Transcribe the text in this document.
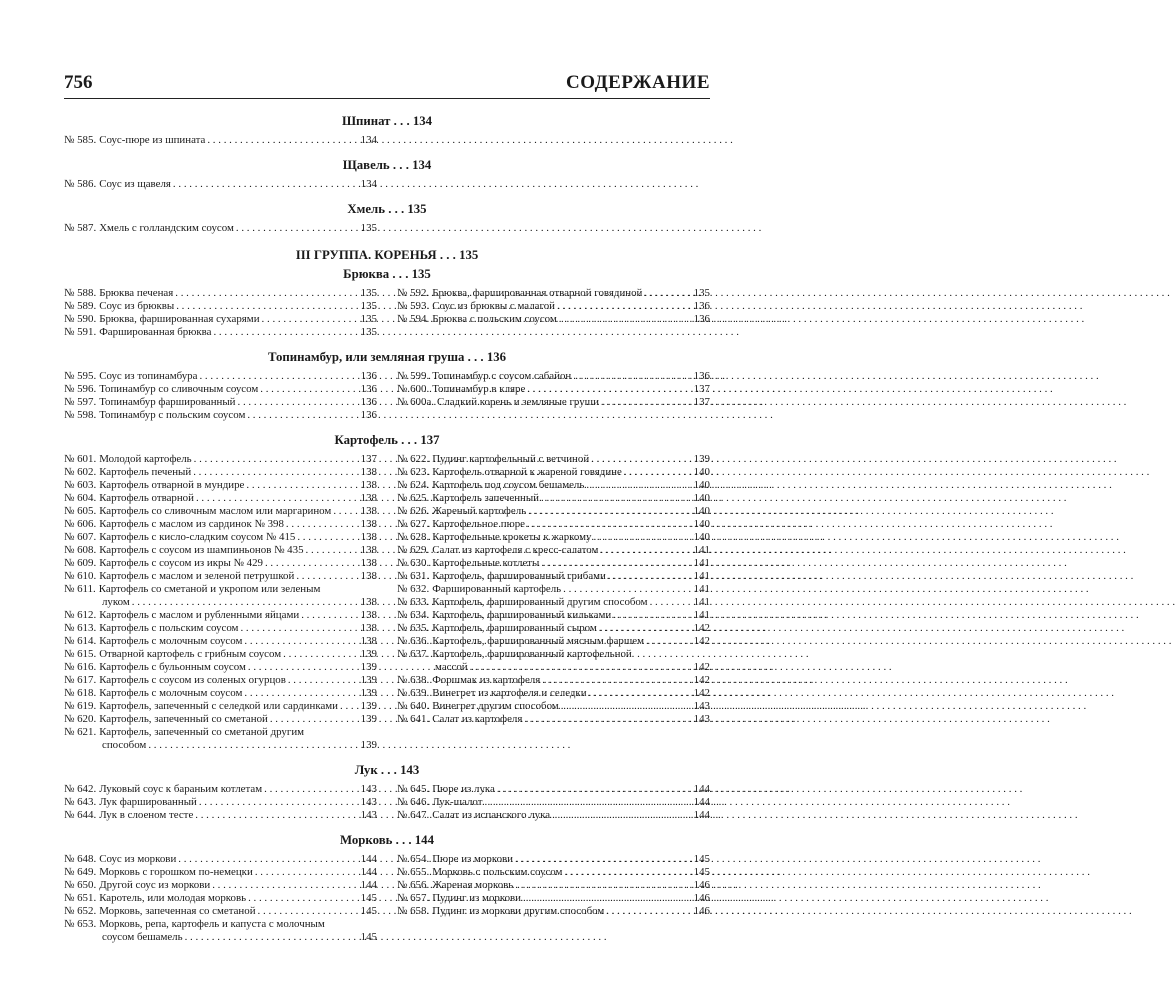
756	СОДЕРЖАНИЕ
Шпинат . . . 134
№ 585. Соус-пюре из шпината . . .	134
Щавель . . . 134
№ 586. Соус из щавеля . . .	134
Хмель . . . 135
№ 587. Хмель с голландским соусом . . .	135
III ГРУППА. КОРЕНЬЯ . . . 135
Брюква . . . 135
№ 588. Брюква печеная . . .	135
№ 589. Соус из брюквы . . .	135
№ 590. Брюква, фаршированная сухарями . . .	135
№ 591. Фаршированная брюква . . .	135
№ 592. Брюква, фаршированная отварной говядиной . . .	135
№ 593. Соус из брюквы с малагой . . .	136
№ 594. Брюква с польским соусом . . .	136
Топинамбур, или земляная груша . . . 136
№ 595. Соус из топинамбура . . .	136
№ 596. Топинамбур со сливочным соусом . . .	136
№ 597. Топинамбур фаршированный . . .	136
№ 598. Топинамбур с польским соусом . . .	136
№ 599. Топинамбур с соусом сабайон . . .	136
№ 600. Топинамбур в кляре . . .	137
№ 600а. Сладкий корень и земляные груши . . .	137
Картофель . . . 137
№ 601. Молодой картофель . . .	137
№ 602. Картофель печеный . . .	138
№ 603. Картофель отварной в мундире . . .	138
№ 604. Картофель отварной . . .	138
№ 605. Картофель со сливочным маслом или маргарином . . .	138
№ 606. Картофель с маслом из сардинок № 398 . . .	138
№ 607. Картофель с кисло-сладким соусом № 415 . . .	138
№ 608. Картофель с соусом из шампиньонов № 435 . . .	138
№ 609. Картофель с соусом из икры № 429 . . .	138
№ 610. Картофель с маслом и зеленой петрушкой . . .	138
№ 611. Картофель со сметаной и укропом или зеленым
луком . . .	138
№ 612. Картофель с маслом и рубленными яйцами . . .	138
№ 613. Картофель с польским соусом . . .	138
№ 614. Картофель с молочным соусом . . .	138
№ 615. Отварной картофель с грибным соусом . . .	139
№ 616. Картофель с бульонным соусом . . .	139
№ 617. Картофель с соусом из соленых огурцов . . .	139
№ 618. Картофель с молочным соусом . . .	139
№ 619. Картофель, запеченный с селедкой или сардинками . . . 139
№ 620. Картофель, запеченный со сметаной . . .	139
№ 621. Картофель, запеченный со сметаной другим
способом . . .	139
№ 622. Пудинг картофельный с ветчиной . . .	139
№ 623. Картофель отварной к жареной говядине . . .	140
№ 624. Картофель под соусом бешамель . . .	140
№ 625. Картофель запеченный . . .	140
№ 626. Жареный картофель . . .	140
№ 627. Картофельное пюре . . .	140
№ 628. Картофельные крокеты к жаркому . . .	140
№ 629. Салат из картофеля с кресс-салатом . . .	141
№ 630. Картофельные котлеты . . .	141
№ 631. Картофель, фаршированный грибами . . .	141
№ 632. Фаршированный картофель . . .	141
№ 633. Картофель, фаршированный другим способом . . .	141
№ 634. Картофель, фаршированный кильками . . .	141
№ 635. Картофель, фаршированный сыром . . .	142
№ 636. Картофель, фаршированный мясным фаршем . . .	142
№ 637. Картофель, фаршированный картофельной
массой . . .	142
№ 638. Форшмак из картофеля . . .	142
№ 639. Винегрет из картофеля и селедки . . .	142
№ 640. Винегрет другим способом . . .	143
№ 641. Салат из картофеля . . .	143
Лук . . . 143
№ 642. Луковый соус к бараньим котлетам . . .	143
№ 643. Лук фаршированный . . .	143
№ 644. Лук в слоеном тесте . . .	143
№ 645. Пюре из лука . . .	144
№ 646. Лук-шалот . . .	144
№ 647. Салат из испанского лука . . .	144
Морковь . . . 144
№ 648. Соус из моркови . . .	144
№ 649. Морковь с горошком по-немецки . . .	144
№ 650. Другой соус из моркови . . .	144
№ 651. Каротель, или молодая морковь . . .	145
№ 652. Морковь, запеченная со сметаной . . .	145
№ 653. Морковь, репа, картофель и капуста с молочным
соусом бешамель . . .	145
№ 654. Пюре из моркови . . .	145
№ 655. Морковь с польским соусом . . .	145
№ 656. Жареная морковь . . .	146
№ 657. Пудинг из моркови . . .	146
№ 658. Пудинг из моркови другим способом . . .	146
